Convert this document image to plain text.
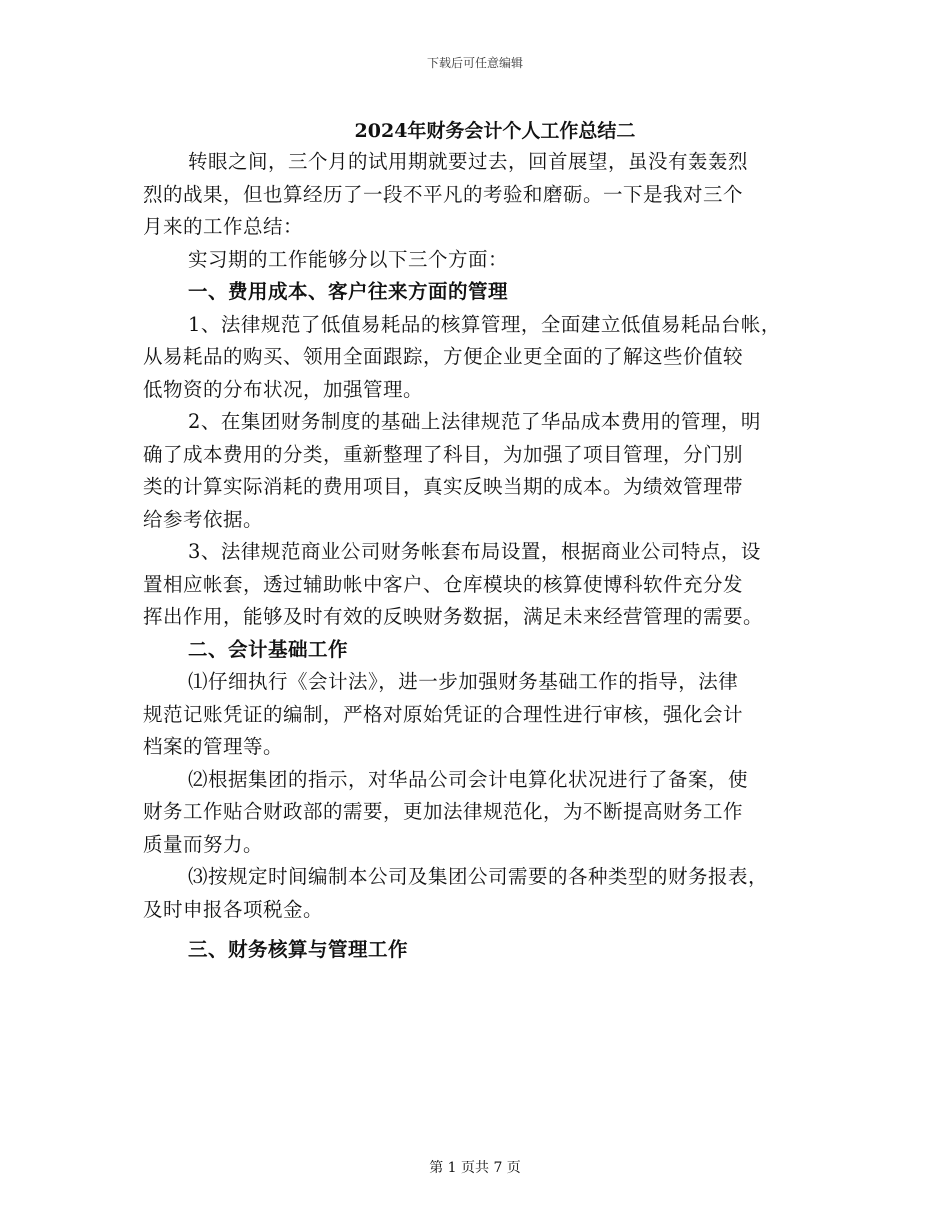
下载后可任意编辑
2024年财务会计个人工作总结二
转眼之间，三个月的试用期就要过去，回首展望，虽没有轰轰烈
烈的战果，但也算经历了一段不平凡的考验和磨砺。一下是我对三个
月来的工作总结：
实习期的工作能够分以下三个方面：
一、费用成本、客户往来方面的管理
1、法律规范了低值易耗品的核算管理，全面建立低值易耗品台帐，
从易耗品的购买、领用全面跟踪，方便企业更全面的了解这些价值较
低物资的分布状况，加强管理。
2、在集团财务制度的基础上法律规范了华品成本费用的管理，明
确了成本费用的分类，重新整理了科目，为加强了项目管理，分门别
类的计算实际消耗的费用项目，真实反映当期的成本。为绩效管理带
给参考依据。
3、法律规范商业公司财务帐套布局设置，根据商业公司特点，设
置相应帐套，透过辅助帐中客户、仓库模块的核算使博科软件充分发
挥出作用，能够及时有效的反映财务数据，满足未来经营管理的需要。
二、会计基础工作
⑴仔细执行《会计法》，进一步加强财务基础工作的指导，法律
规范记账凭证的编制，严格对原始凭证的合理性进行审核，强化会计
档案的管理等。
⑵根据集团的指示，对华品公司会计电算化状况进行了备案，使
财务工作贴合财政部的需要，更加法律规范化，为不断提高财务工作
质量而努力。
⑶按规定时间编制本公司及集团公司需要的各种类型的财务报表，
及时申报各项税金。
三、财务核算与管理工作
第 1 页共 7 页
